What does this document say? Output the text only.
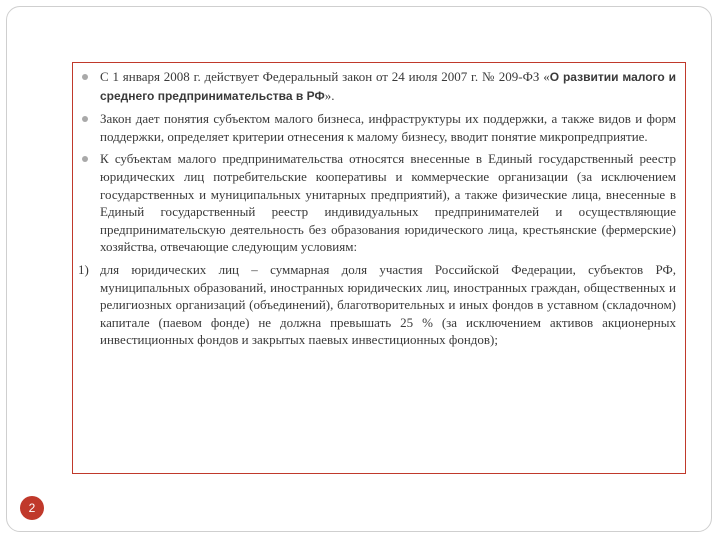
С 1 января 2008 г. действует Федеральный закон от 24 июля 2007 г. № 209-ФЗ «О развитии малого и среднего предпринимательства в РФ».
Закон дает понятия субъектом малого бизнеса, инфраструктуры их поддержки, а также видов и форм поддержки, определяет критерии отнесения к малому бизнесу, вводит понятие микропредприятие.
К субъектам малого предпринимательства относятся внесенные в Единый государственный реестр юридических лиц потребительские кооперативы и коммерческие организации (за исключением государственных и муниципальных унитарных предприятий), а также физические лица, внесенные в Единый государственный реестр индивидуальных предпринимателей и осуществляющие предпринимательскую деятельность без образования юридического лица, крестьянские (фермерские) хозяйства, отвечающие следующим условиям:
1) для юридических лиц – суммарная доля участия Российской Федерации, субъектов РФ, муниципальных образований, иностранных юридических лиц, иностранных граждан, общественных и религиозных организаций (объединений), благотворительных и иных фондов в уставном (складочном) капитале (паевом фонде) не должна превышать 25 % (за исключением активов акционерных инвестиционных фондов и закрытых паевых инвестиционных фондов);
2
